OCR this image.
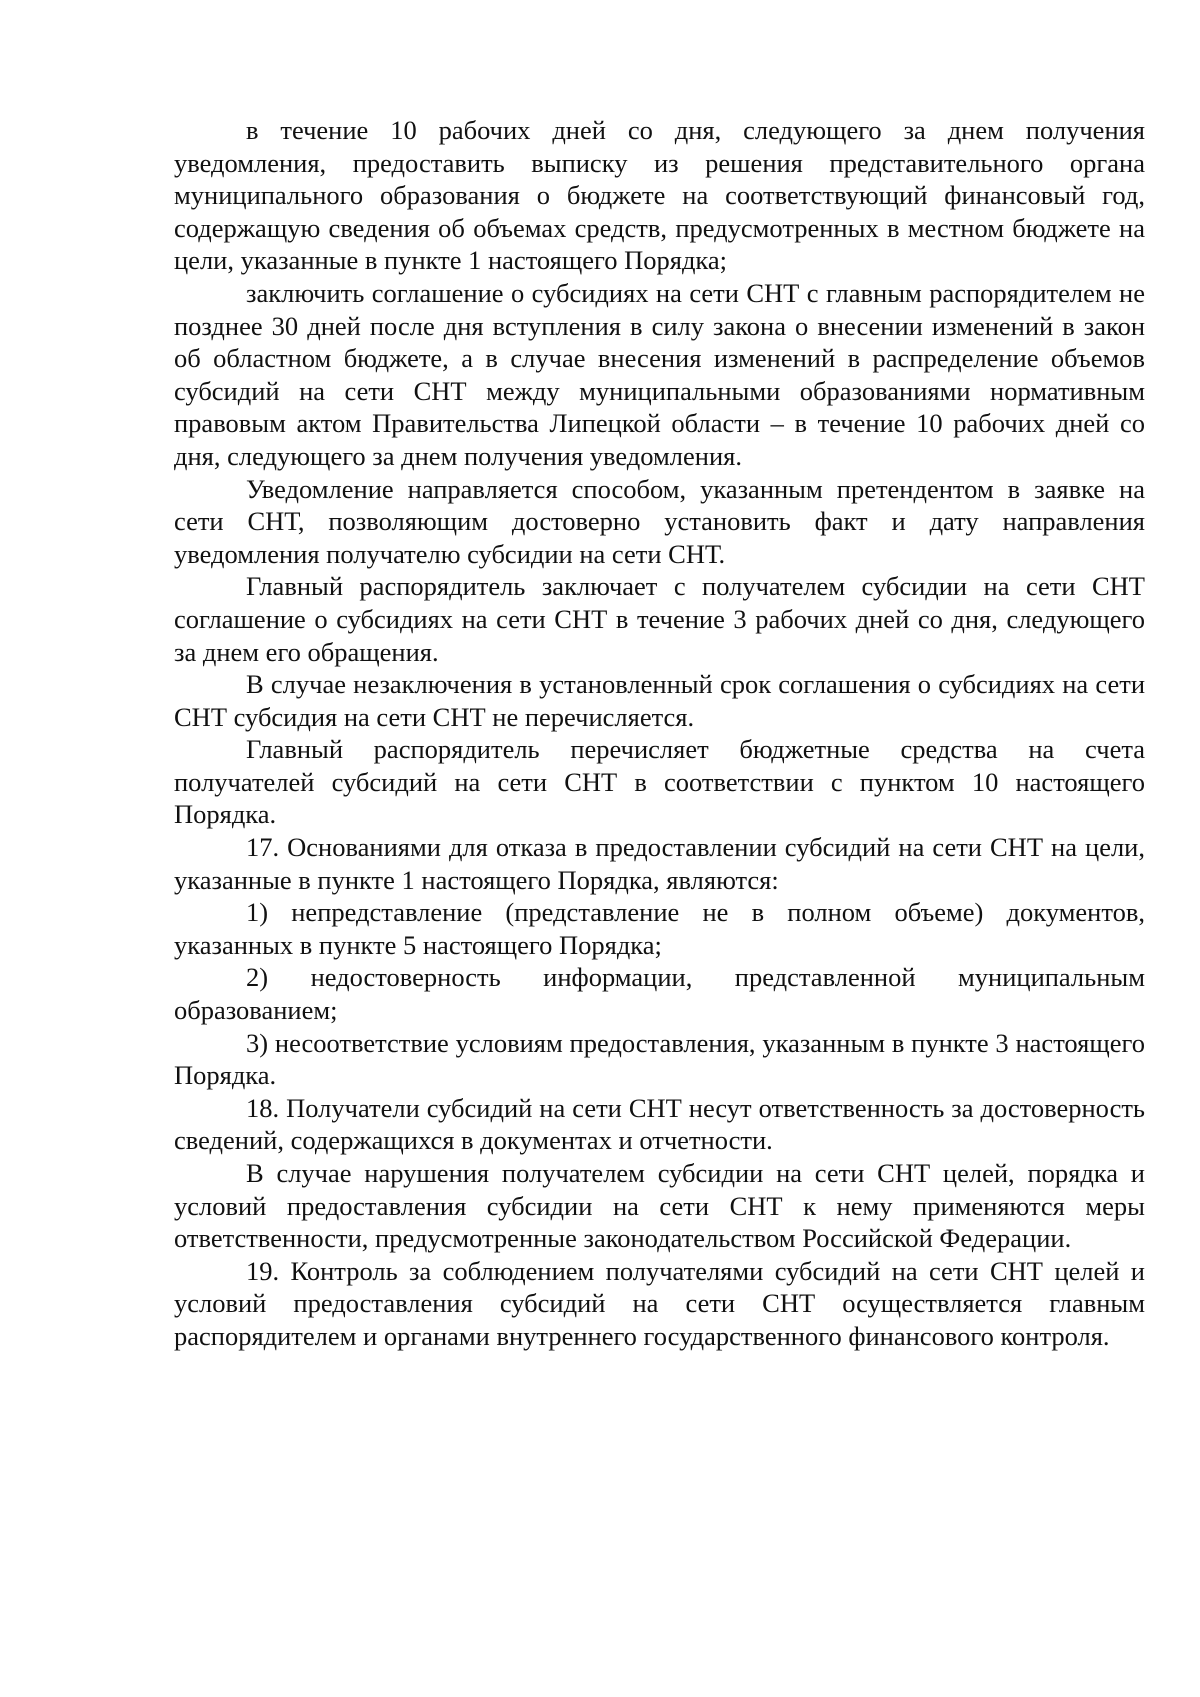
в течение 10 рабочих дней со дня, следующего за днем получения уведомления, предоставить выписку из решения представительного органа муниципального образования о бюджете на соответствующий финансовый год, содержащую сведения об объемах средств, предусмотренных в местном бюджете на цели, указанные в пункте 1 настоящего Порядка;

заключить соглашение о субсидиях на сети СНТ с главным распорядителем не позднее 30 дней после дня вступления в силу закона о внесении изменений в закон об областном бюджете, а в случае внесения изменений в распределение объемов субсидий на сети СНТ между муниципальными образованиями нормативным правовым актом Правительства Липецкой области – в течение 10 рабочих дней со дня, следующего за днем получения уведомления.

Уведомление направляется способом, указанным претендентом в заявке на сети СНТ, позволяющим достоверно установить факт и дату направления уведомления получателю субсидии на сети СНТ.

Главный распорядитель заключает с получателем субсидии на сети СНТ соглашение о субсидиях на сети СНТ в течение 3 рабочих дней со дня, следующего за днем его обращения.

В случае незаключения в установленный срок соглашения о субсидиях на сети СНТ субсидия на сети СНТ не перечисляется.

Главный распорядитель перечисляет бюджетные средства на счета получателей субсидий на сети СНТ в соответствии с пунктом 10 настоящего Порядка.

17. Основаниями для отказа в предоставлении субсидий на сети СНТ на цели, указанные в пункте 1 настоящего Порядка, являются:

1) непредставление (представление не в полном объеме) документов, указанных в пункте 5 настоящего Порядка;

2) недостоверность информации, представленной муниципальным образованием;

3) несоответствие условиям предоставления, указанным в пункте 3 настоящего Порядка.

18. Получатели субсидий на сети СНТ несут ответственность за достоверность сведений, содержащихся в документах и отчетности.

В случае нарушения получателем субсидии на сети СНТ целей, порядка и условий предоставления субсидии на сети СНТ к нему применяются меры ответственности, предусмотренные законодательством Российской Федерации.

19. Контроль за соблюдением получателями субсидий на сети СНТ целей и условий предоставления субсидий на сети СНТ осуществляется главным распорядителем и органами внутреннего государственного финансового контроля.
